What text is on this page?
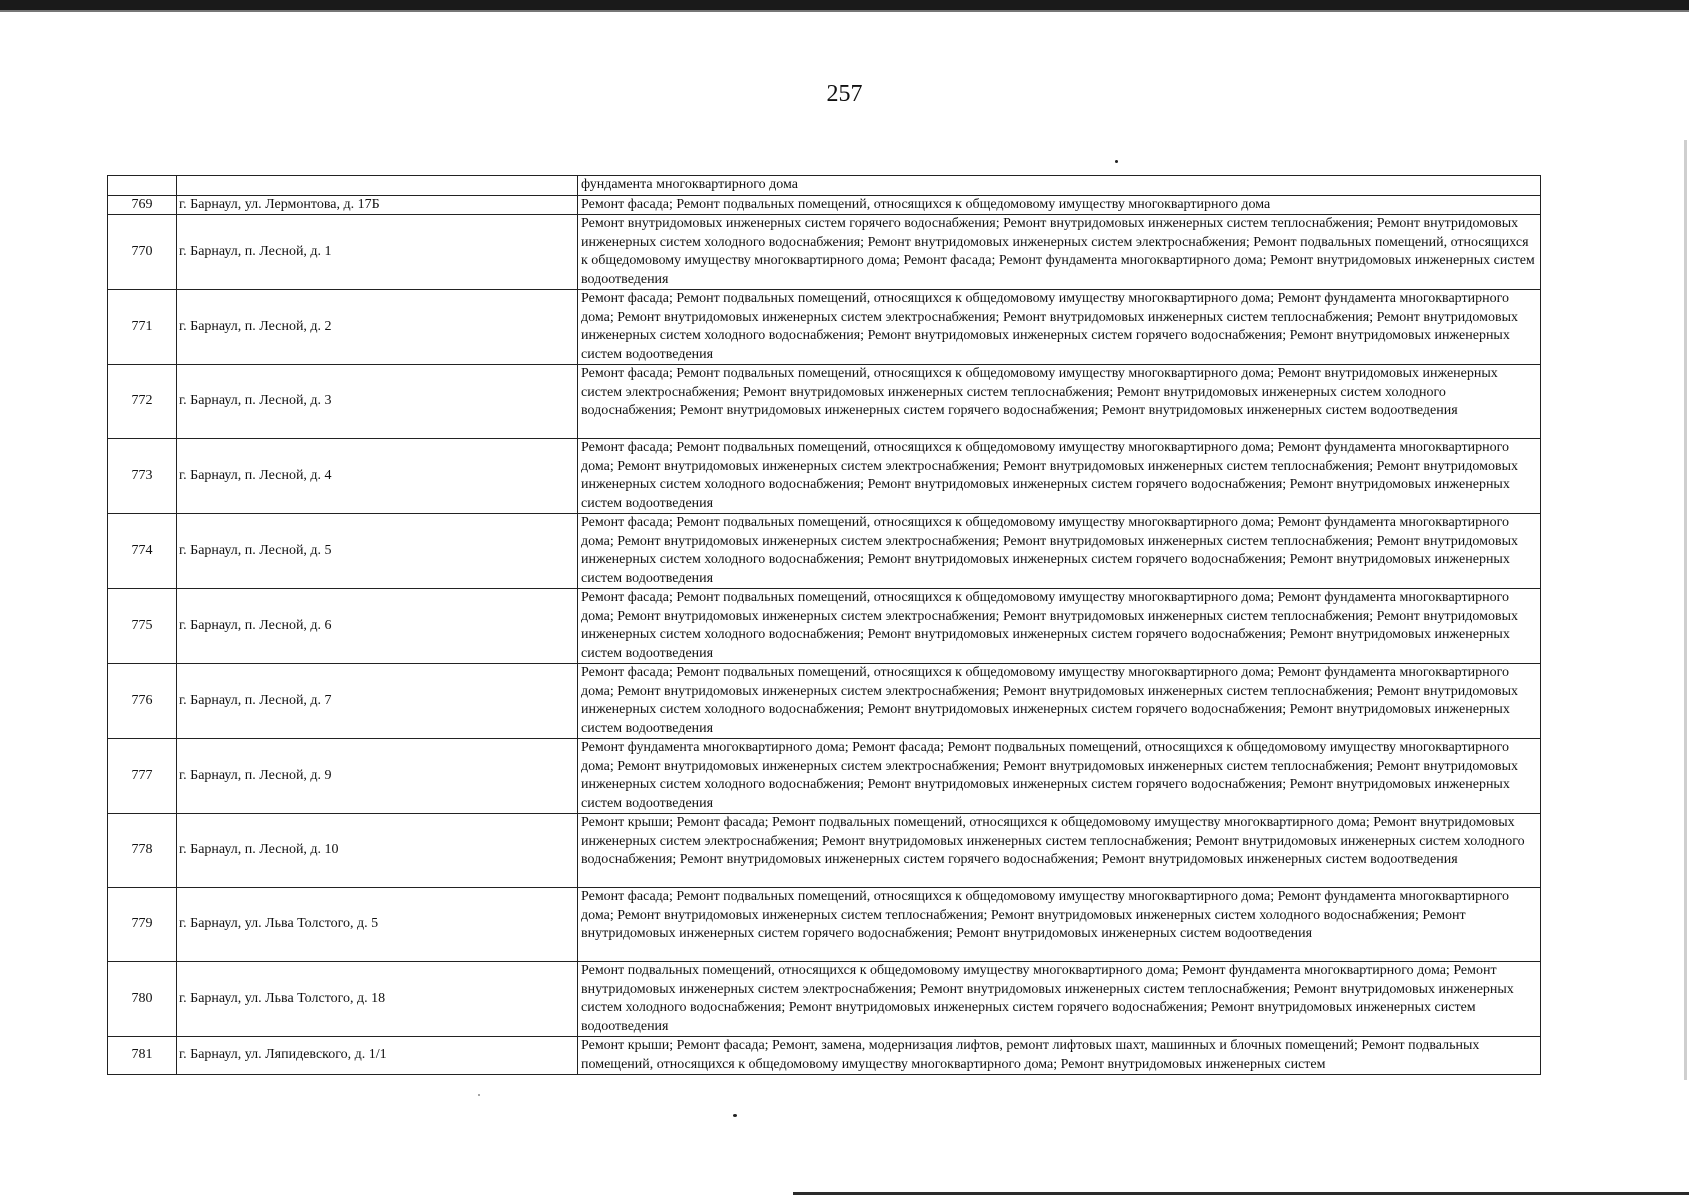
257
		фундамента многоквартирного дома
769	г. Барнаул, ул. Лермонтова, д. 17Б	Ремонт фасада; Ремонт подвальных помещений, относящихся к общедомовому имуществу многоквартирного дома
770	г. Барнаул, п. Лесной, д. 1	Ремонт внутридомовых инженерных систем горячего водоснабжения; Ремонт внутридомовых инженерных систем теплоснабжения; Ремонт внутридомовых инженерных систем холодного водоснабжения; Ремонт внутридомовых инженерных систем электроснабжения; Ремонт подвальных помещений, относящихся к общедомовому имуществу многоквартирного дома; Ремонт фасада; Ремонт фундамента многоквартирного дома; Ремонт внутридомовых инженерных систем водоотведения
771	г. Барнаул, п. Лесной, д. 2	Ремонт фасада; Ремонт подвальных помещений, относящихся к общедомовому имуществу многоквартирного дома; Ремонт фундамента многоквартирного дома; Ремонт внутридомовых инженерных систем электроснабжения; Ремонт внутридомовых инженерных систем теплоснабжения; Ремонт внутридомовых инженерных систем холодного водоснабжения; Ремонт внутридомовых инженерных систем горячего водоснабжения; Ремонт внутридомовых инженерных систем водоотведения
772	г. Барнаул, п. Лесной, д. 3	Ремонт фасада; Ремонт подвальных помещений, относящихся к общедомовому имуществу многоквартирного дома; Ремонт внутридомовых инженерных систем электроснабжения; Ремонт внутридомовых инженерных систем теплоснабжения; Ремонт внутридомовых инженерных систем холодного водоснабжения; Ремонт внутридомовых инженерных систем горячего водоснабжения; Ремонт внутридомовых инженерных систем водоотведения
773	г. Барнаул, п. Лесной, д. 4	Ремонт фасада; Ремонт подвальных помещений, относящихся к общедомовому имуществу многоквартирного дома; Ремонт фундамента многоквартирного дома; Ремонт внутридомовых инженерных систем электроснабжения; Ремонт внутридомовых инженерных систем теплоснабжения; Ремонт внутридомовых инженерных систем холодного водоснабжения; Ремонт внутридомовых инженерных систем горячего водоснабжения; Ремонт внутридомовых инженерных систем водоотведения
774	г. Барнаул, п. Лесной, д. 5	Ремонт фасада; Ремонт подвальных помещений, относящихся к общедомовому имуществу многоквартирного дома; Ремонт фундамента многоквартирного дома; Ремонт внутридомовых инженерных систем электроснабжения; Ремонт внутридомовых инженерных систем теплоснабжения; Ремонт внутридомовых инженерных систем холодного водоснабжения; Ремонт внутридомовых инженерных систем горячего водоснабжения; Ремонт внутридомовых инженерных систем водоотведения
775	г. Барнаул, п. Лесной, д. 6	Ремонт фасада; Ремонт подвальных помещений, относящихся к общедомовому имуществу многоквартирного дома; Ремонт фундамента многоквартирного дома; Ремонт внутридомовых инженерных систем электроснабжения; Ремонт внутридомовых инженерных систем теплоснабжения; Ремонт внутридомовых инженерных систем холодного водоснабжения; Ремонт внутридомовых инженерных систем горячего водоснабжения; Ремонт внутридомовых инженерных систем водоотведения
776	г. Барнаул, п. Лесной, д. 7	Ремонт фасада; Ремонт подвальных помещений, относящихся к общедомовому имуществу многоквартирного дома; Ремонт фундамента многоквартирного дома; Ремонт внутридомовых инженерных систем электроснабжения; Ремонт внутридомовых инженерных систем теплоснабжения; Ремонт внутридомовых инженерных систем холодного водоснабжения; Ремонт внутридомовых инженерных систем горячего водоснабжения; Ремонт внутридомовых инженерных систем водоотведения
777	г. Барнаул, п. Лесной, д. 9	Ремонт фундамента многоквартирного дома; Ремонт фасада; Ремонт подвальных помещений, относящихся к общедомовому имуществу многоквартирного дома; Ремонт внутридомовых инженерных систем электроснабжения; Ремонт внутридомовых инженерных систем теплоснабжения; Ремонт внутридомовых инженерных систем холодного водоснабжения; Ремонт внутридомовых инженерных систем горячего водоснабжения; Ремонт внутридомовых инженерных систем водоотведения
778	г. Барнаул, п. Лесной, д. 10	Ремонт крыши; Ремонт фасада; Ремонт подвальных помещений, относящихся к общедомовому имуществу многоквартирного дома; Ремонт внутридомовых инженерных систем электроснабжения; Ремонт внутридомовых инженерных систем теплоснабжения; Ремонт внутридомовых инженерных систем холодного водоснабжения; Ремонт внутридомовых инженерных систем горячего водоснабжения; Ремонт внутридомовых инженерных систем водоотведения
779	г. Барнаул, ул. Льва Толстого, д. 5	Ремонт фасада; Ремонт подвальных помещений, относящихся к общедомовому имуществу многоквартирного дома; Ремонт фундамента многоквартирного дома; Ремонт внутридомовых инженерных систем теплоснабжения; Ремонт внутридомовых инженерных систем холодного водоснабжения; Ремонт внутридомовых инженерных систем горячего водоснабжения; Ремонт внутридомовых инженерных систем водоотведения
780	г. Барнаул, ул. Льва Толстого, д. 18	Ремонт подвальных помещений, относящихся к общедомовому имуществу многоквартирного дома; Ремонт фундамента многоквартирного дома; Ремонт внутридомовых инженерных систем электроснабжения; Ремонт внутридомовых инженерных систем теплоснабжения; Ремонт внутридомовых инженерных систем холодного водоснабжения; Ремонт внутридомовых инженерных систем горячего водоснабжения; Ремонт внутридомовых инженерных систем водоотведения
781	г. Барнаул, ул. Ляпидевского, д. 1/1	Ремонт крыши; Ремонт фасада; Ремонт, замена, модернизация лифтов, ремонт лифтовых шахт, машинных и блочных помещений; Ремонт подвальных помещений, относящихся к общедомовому имуществу многоквартирного дома; Ремонт внутридомовых инженерных систем
